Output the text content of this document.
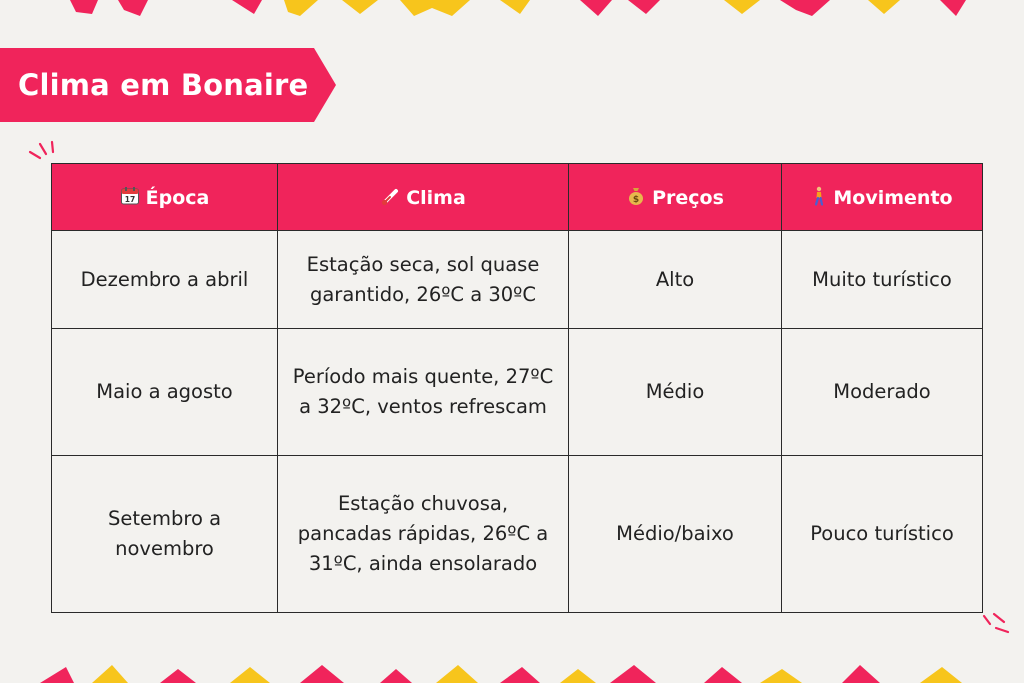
Clima em Bonaire
17 Época	Clima	$ Preços	Movimento
Dezembro a abril	Estação seca, sol quase garantido, 26ºC a 30ºC	Alto	Muito turístico
Maio a agosto	Período mais quente, 27ºC a 32ºC, ventos refrescam	Médio	Moderado
Setembro a novembro	Estação chuvosa, pancadas rápidas, 26ºC a 31ºC, ainda ensolarado	Médio/baixo	Pouco turístico
